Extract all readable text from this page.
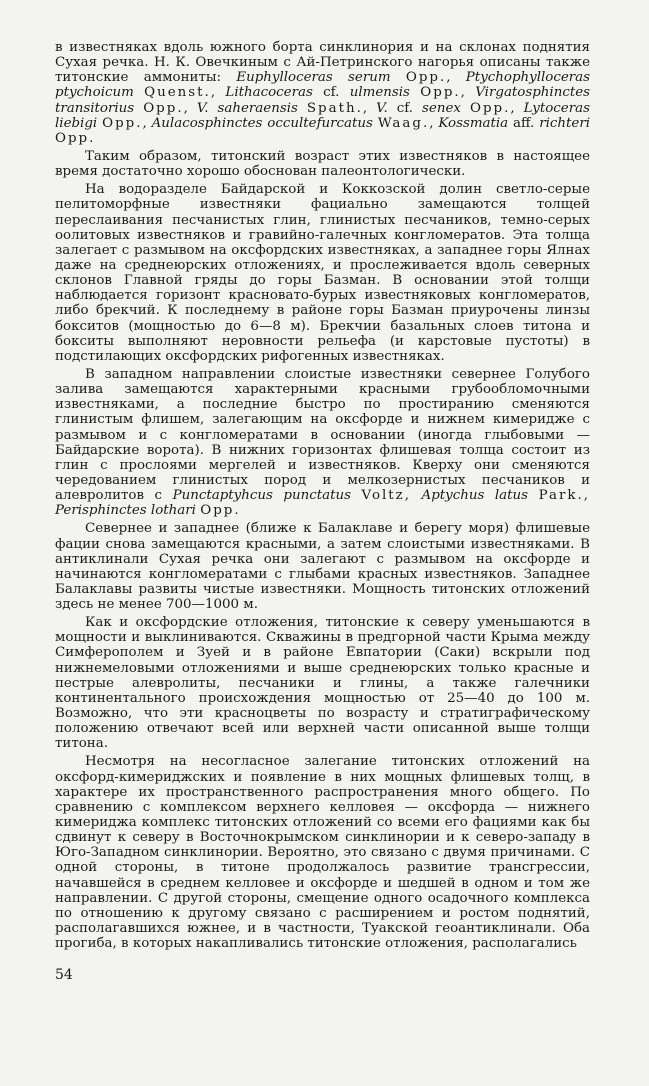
в известняках вдоль южного борта синклинория и на склонах поднятия Сухая речка. Н. К. Овечкиным с Ай-Петринского нагорья описаны также титонские аммониты: Euphylloceras serum Opp., Ptychophylloceras ptychoicum Quenst., Lithacoceras cf. ulmensis Opp., Virgatosphinctes transitorius Opp., V. saheraensis Spath., V. cf. senex Opp., Lytoceras liebigi Opp., Aulacosphinctes occultefurcatus Waag., Kossmatia aff. richteri Opp.

Таким образом, титонский возраст этих известняков в настоящее время достаточно хорошо обоснован палеонтологически.

На водоразделе Байдарской и Коккозской долин светло-серые пелитоморфные известняки фациально замещаются толщей переслаивания песчанистых глин, глинистых песчаников, темно-серых оолитовых известняков и гравийно-галечных конгломератов. Эта толща залегает с размывом на оксфордских известняках, а западнее горы Ялнах даже на среднеюрских отложениях, и прослеживается вдоль северных склонов Главной гряды до горы Базман. В основании этой толщи наблюдается горизонт красновато-бурых известняковых конгломератов, либо брекчий. К последнему в районе горы Базман приурочены линзы бокситов (мощностью до 6—8 м). Брекчии базальных слоев титона и бокситы выполняют неровности рельефа (и карстовые пустоты) в подстилающих оксфордских рифогенных известняках.

В западном направлении слоистые известняки севернее Голубого залива замещаются характерными красными грубообломочными известняками, а последние быстро по простиранию сменяются глинистым флишем, залегающим на оксфорде и нижнем кимеридже с размывом и с конгломератами в основании (иногда глыбовыми — Байдарские ворота). В нижних горизонтах флишевая толща состоит из глин с прослоями мергелей и известняков. Кверху они сменяются чередованием глинистых пород и мелкозернистых песчаников и алевролитов с Punctaptyhcus punctatus Voltz, Aptychus latus Park., Perisphinctes lothari Opp.

Севернее и западнее (ближе к Балаклаве и берегу моря) флишевые фации снова замещаются красными, а затем слоистыми известняками. В антиклинали Сухая речка они залегают с размывом на оксфорде и начинаются конгломератами с глыбами красных известняков. Западнее Балаклавы развиты чистые известняки. Мощность титонских отложений здесь не менее 700—1000 м.

Как и оксфордские отложения, титонские к северу уменьшаются в мощности и выклиниваются. Скважины в предгорной части Крыма между Симферополем и Зуей и в районе Евпатории (Саки) вскрыли под нижнемеловыми отложениями и выше среднеюрских только красные и пестрые алевролиты, песчаники и глины, а также галечники континентального происхождения мощностью от 25—40 до 100 м. Возможно, что эти красноцветы по возрасту и стратиграфическому положению отвечают всей или верхней части описанной выше толщи титона.

Несмотря на несогласное залегание титонских отложений на оксфорд-кимериджских и появление в них мощных флишевых толщ, в характере их пространственного распространения много общего. По сравнению с комплексом верхнего келловея — оксфорда — нижнего кимериджа комплекс титонских отложений со всеми его фациями как бы сдвинут к северу в Восточнокрымском синклинории и к северо-западу в Юго-Западном синклинории. Вероятно, это связано с двумя причинами. С одной стороны, в титоне продолжалось развитие трансгрессии, начавшейся в среднем келловее и оксфорде и шедшей в одном и том же направлении. С другой стороны, смещение одного осадочного комплекса по отношению к другому связано с расширением и ростом поднятий, располагавшихся южнее, и в частности, Туакской геоантиклинали. Оба прогиба, в которых накапливались титонские отложения, располагались

54
